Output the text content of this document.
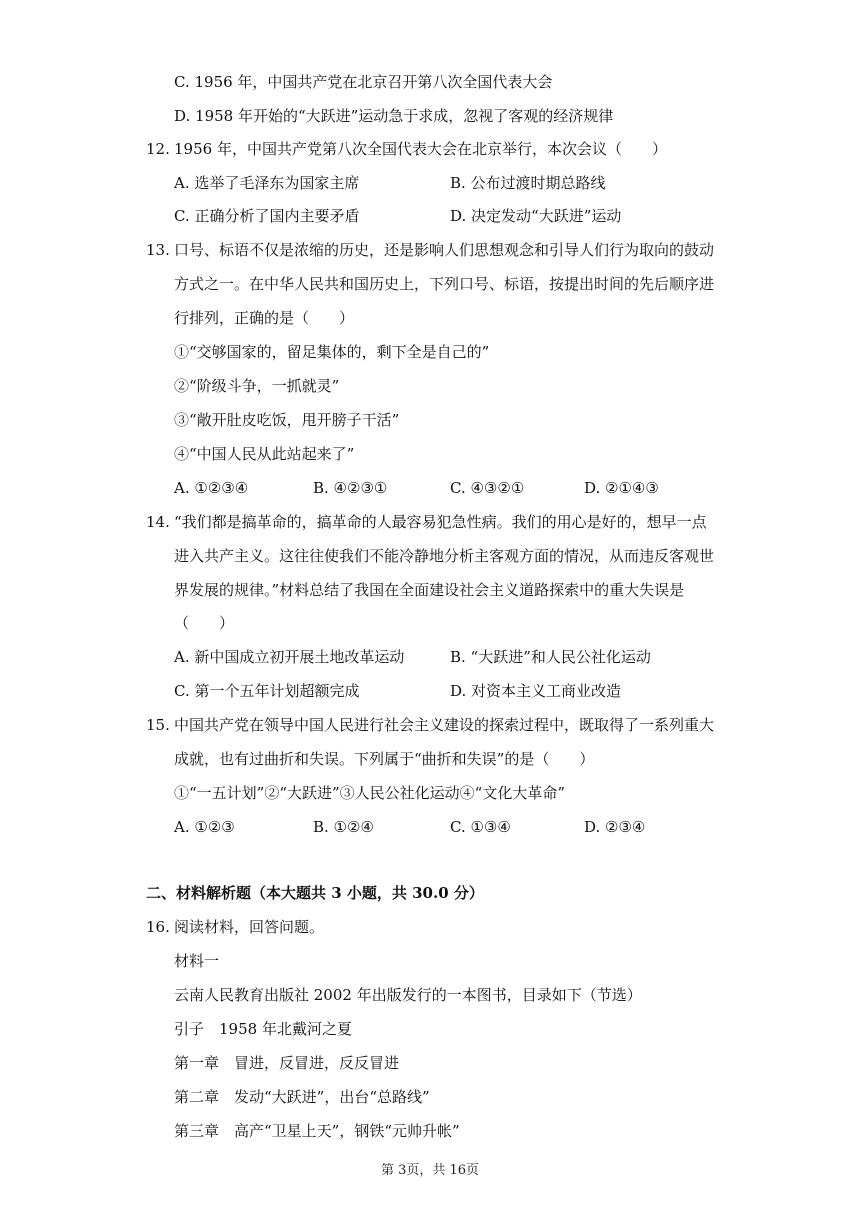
C. 1956 年，中国共产党在北京召开第八次全国代表大会
D. 1958 年开始的“大跃进”运动急于求成，忽视了客观的经济规律
12. 1956 年，中国共产党第八次全国代表大会在北京举行，本次会议（　　）
A. 选举了毛泽东为国家主席	B. 公布过渡时期总路线
C. 正确分析了国内主要矛盾	D. 决定发动“大跃进”运动
13. 口号、标语不仅是浓缩的历史，还是影响人们思想观念和引导人们行为取向的鼓动
方式之一。在中华人民共和国历史上，下列口号、标语，按提出时间的先后顺序进
行排列，正确的是（　　）
①“交够国家的，留足集体的，剩下全是自己的”
②“阶级斗争，一抓就灵”
③“敞开肚皮吃饭，甩开膀子干活”
④“中国人民从此站起来了”
A. ①②③④	B. ④②③①	C. ④③②①	D. ②①④③
14. “我们都是搞革命的，搞革命的人最容易犯急性病。我们的用心是好的，想早一点
进入共产主义。这往往使我们不能冷静地分析主客观方面的情况，从而违反客观世
界发展的规律。”材料总结了我国在全面建设社会主义道路探索中的重大失误是
（　　）
A. 新中国成立初开展土地改革运动	B. “大跃进”和人民公社化运动
C. 第一个五年计划超额完成	D. 对资本主义工商业改造
15. 中国共产党在领导中国人民进行社会主义建设的探索过程中，既取得了一系列重大
成就，也有过曲折和失误。下列属于“曲折和失误”的是（　　）
①“一五计划”②“大跃进”③人民公社化运动④“文化大革命”
A. ①②③	B. ①②④	C. ①③④	D. ②③④
二、材料解析题（本大题共 3 小题，共 30.0 分）
16. 阅读材料，回答问题。
材料一
云南人民教育出版社 2002 年出版发行的一本图书，目录如下（节选）
引子　1958 年北戴河之夏
第一章　冒进，反冒进，反反冒进
第二章　发动“大跃进”，出台“总路线”
第三章　高产“卫星上天”，钢铁“元帅升帐”
第 3页，共 16页
